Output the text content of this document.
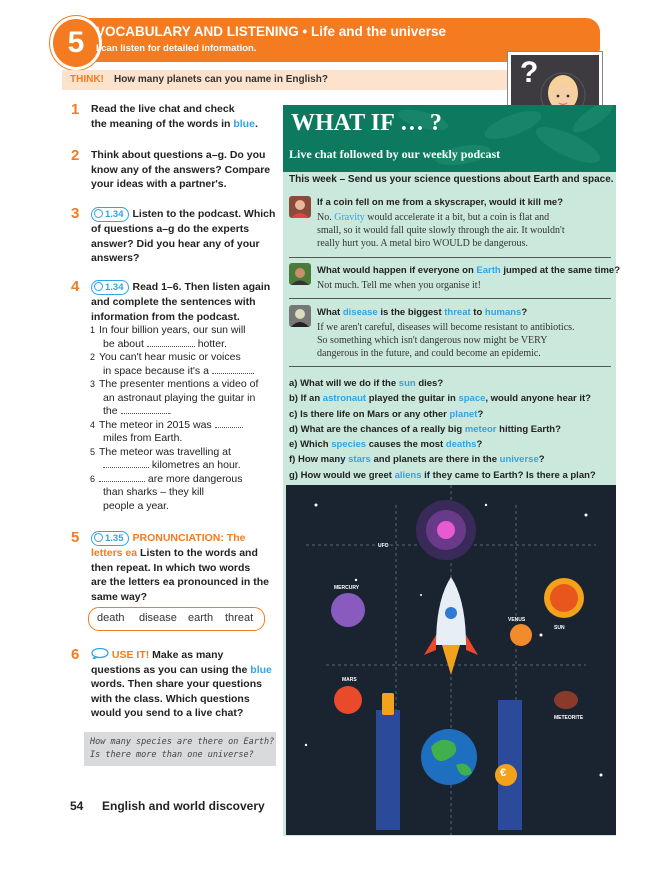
5 VOCABULARY AND LISTENING • Life and the universe
I can listen for detailed information.
THINK! How many planets can you name in English?	?
1 Read the live chat and check
the meaning of the words in blue.
2 Think about questions a–g. Do you
know any of the answers? Compare
your ideas with a partner's.
3	1.34 Listen to the podcast. Which
of questions a–g do the experts
answer? Did you hear any of your
answers?
4	1.34 Read 1–6. Then listen again
and complete the sentences with
information from the podcast.
1 In four billion years, our sun will
be about	hotter.
2 You can't hear music or voices
in space because it's a	.
3 The presenter mentions a video of
an astronaut playing the guitar in
the	.
4 The meteor in 2015 was
miles from Earth.
5 The meteor was travelling at
kilometres an hour.
6	are more dangerous
than sharks – they kill
people a year.
5	1.35 PRONUNCIATION: The
letters ea Listen to the words and
then repeat. In which two words
are the letters ea pronounced in the
same way?
death disease earth threat
6	USE IT! Make as many
questions as you can using the blue
words. Then share your questions
with the class. Which questions
would you send to a live chat?
How many species are there on Earth?
Is there more than one universe?
54 English and world discovery
WHAT IF … ?
Live chat followed by our weekly podcast
This week – Send us your science questions about Earth and space.
If a coin fell on me from a skyscraper, would it kill me?
No. Gravity would accelerate it a bit, but a coin is flat and
small, so it would fall quite slowly through the air. It wouldn't
really hurt you. A metal biro WOULD be dangerous.
What would happen if everyone on Earth jumped at the same time?
Not much. Tell me when you organise it!
What disease is the biggest threat to humans?
If we aren't careful, diseases will become resistant to antibiotics.
So something which isn't dangerous now might be VERY
dangerous in the future, and could become an epidemic.
a) What will we do if the sun dies?
b) If an astronaut played the guitar in space, would anyone hear it?
c) Is there life on Mars or any other planet?
d) What are the chances of a really big meteor hitting Earth?
e) Which species causes the most deaths?
f) How many stars and planets are there in the universe?
g) How would we greet aliens if they came to Earth? Is there a plan?
UFO
MERCURY
VENUS
SUN
MARS
METEORITE
€
